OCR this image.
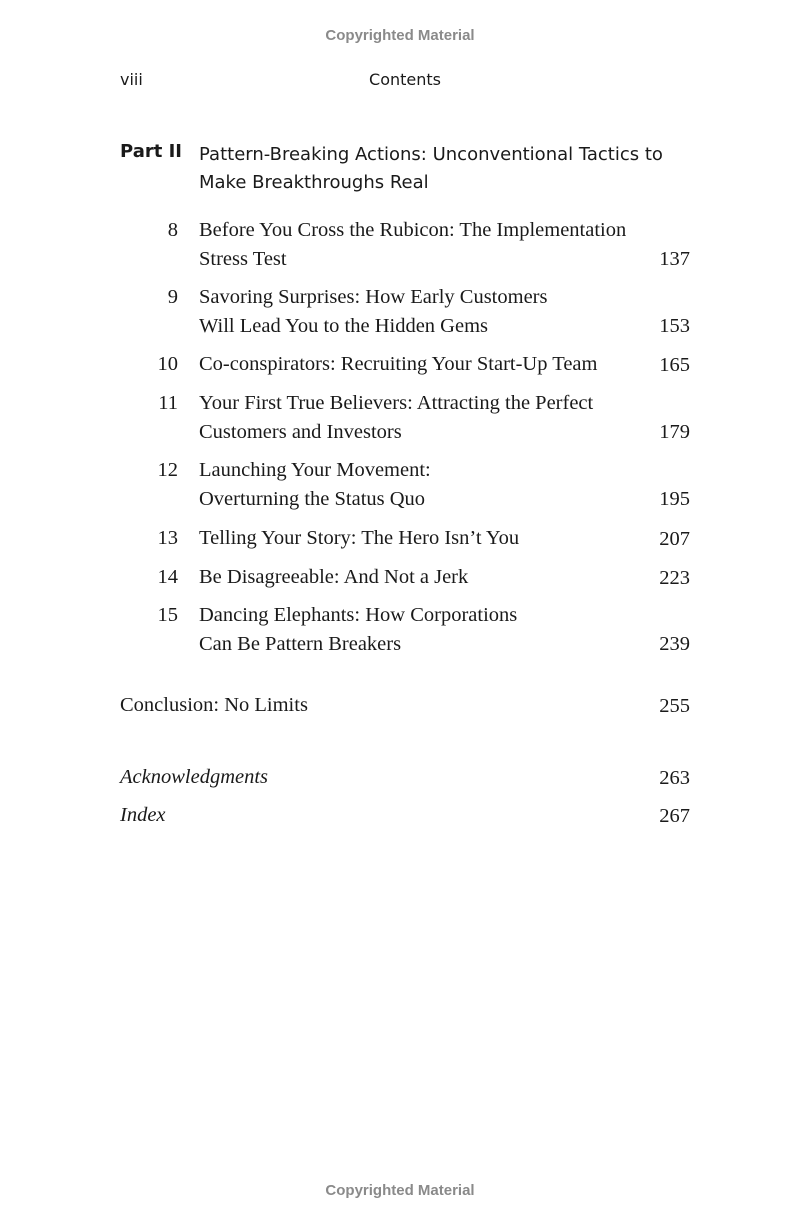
Copyrighted Material
viii	Contents
Part II Pattern-Breaking Actions: Unconventional Tactics to
Make Breakthroughs Real
8 Before You Cross the Rubicon: The Implementation
Stress Test	137
9 Savoring Surprises: How Early Customers
Will Lead You to the Hidden Gems	153
10 Co-conspirators: Recruiting Your Start-Up Team	165
11 Your First True Believers: Attracting the Perfect
Customers and Investors	179
12 Launching Your Movement:
Overturning the Status Quo	195
13 Telling Your Story: The Hero Isn’t You	207
14 Be Disagreeable: And Not a Jerk	223
15 Dancing Elephants: How Corporations
Can Be Pattern Breakers	239
Conclusion: No Limits	255
Acknowledgments	263
Index	267
Copyrighted Material
